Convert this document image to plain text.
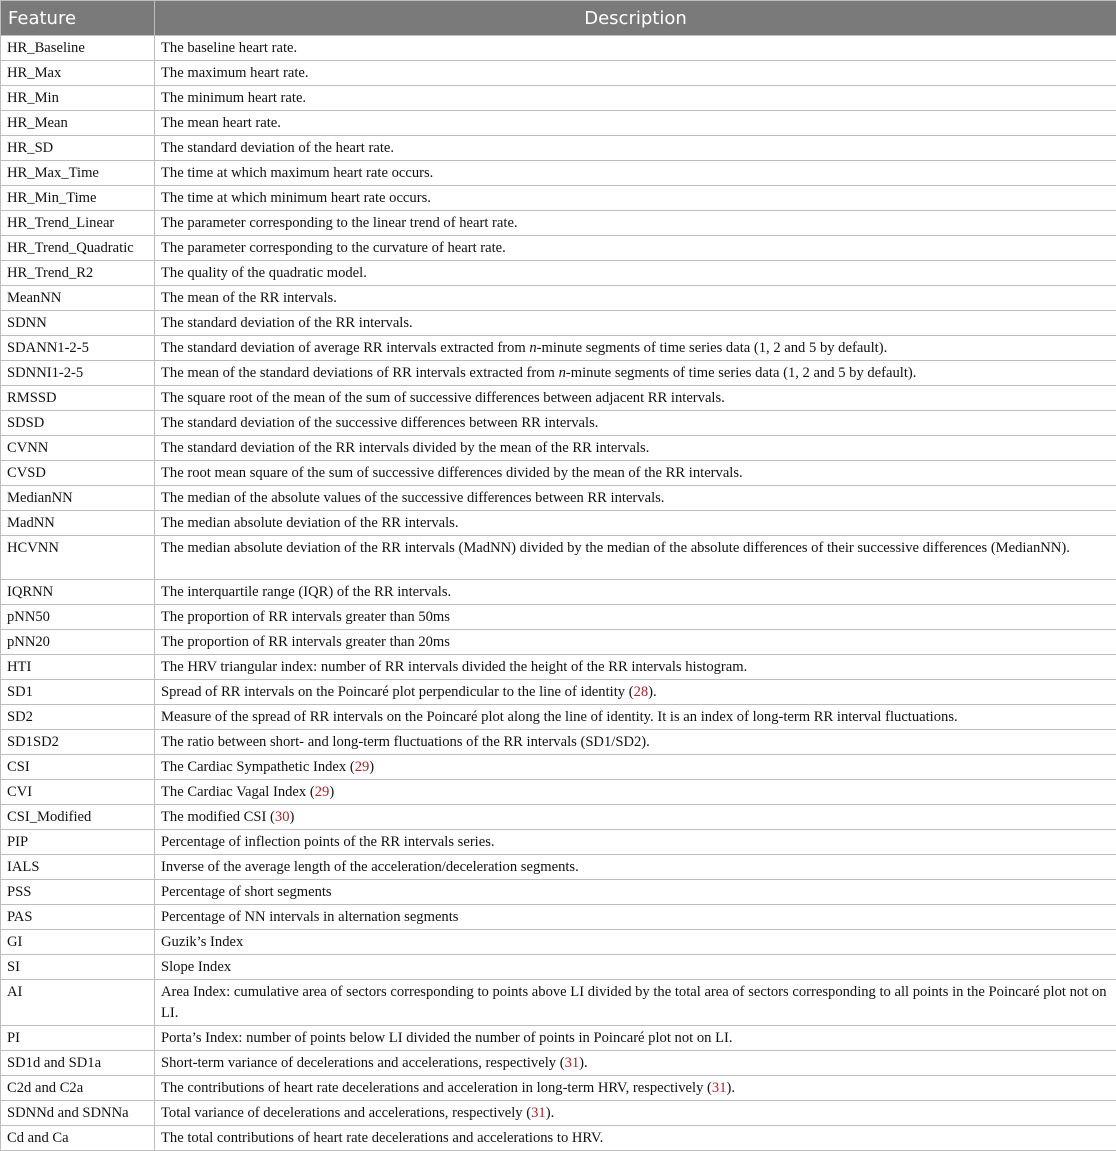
Feature	Description
HR_Baseline	The baseline heart rate.
HR_Max	The maximum heart rate.
HR_Min	The minimum heart rate.
HR_Mean	The mean heart rate.
HR_SD	The standard deviation of the heart rate.
HR_Max_Time	The time at which maximum heart rate occurs.
HR_Min_Time	The time at which minimum heart rate occurs.
HR_Trend_Linear	The parameter corresponding to the linear trend of heart rate.
HR_Trend_Quadratic	The parameter corresponding to the curvature of heart rate.
HR_Trend_R2	The quality of the quadratic model.
MeanNN	The mean of the RR intervals.
SDNN	The standard deviation of the RR intervals.
SDANN1-2-5	The standard deviation of average RR intervals extracted from n-minute segments of time series data (1, 2 and 5 by default).
SDNNI1-2-5	The mean of the standard deviations of RR intervals extracted from n-minute segments of time series data (1, 2 and 5 by default).
RMSSD	The square root of the mean of the sum of successive differences between adjacent RR intervals.
SDSD	The standard deviation of the successive differences between RR intervals.
CVNN	The standard deviation of the RR intervals divided by the mean of the RR intervals.
CVSD	The root mean square of the sum of successive differences divided by the mean of the RR intervals.
MedianNN	The median of the absolute values of the successive differences between RR intervals.
MadNN	The median absolute deviation of the RR intervals.
HCVNN	The median absolute deviation of the RR intervals (MadNN) divided by the median of the absolute differences of their successive differences (MedianNN).
IQRNN	The interquartile range (IQR) of the RR intervals.
pNN50	The proportion of RR intervals greater than 50ms
pNN20	The proportion of RR intervals greater than 20ms
HTI	The HRV triangular index: number of RR intervals divided the height of the RR intervals histogram.
SD1	Spread of RR intervals on the Poincaré plot perpendicular to the line of identity (28).
SD2	Measure of the spread of RR intervals on the Poincaré plot along the line of identity. It is an index of long-term RR interval fluctuations.
SD1SD2	The ratio between short- and long-term fluctuations of the RR intervals (SD1/SD2).
CSI	The Cardiac Sympathetic Index (29)
CVI	The Cardiac Vagal Index (29)
CSI_Modified	The modified CSI (30)
PIP	Percentage of inflection points of the RR intervals series.
IALS	Inverse of the average length of the acceleration/deceleration segments.
PSS	Percentage of short segments
PAS	Percentage of NN intervals in alternation segments
GI	Guzik’s Index
SI	Slope Index
AI	Area Index: cumulative area of sectors corresponding to points above LI divided by the total area of sectors corresponding to all points in the Poincaré plot not on LI.
PI	Porta’s Index: number of points below LI divided the number of points in Poincaré plot not on LI.
SD1d and SD1a	Short-term variance of decelerations and accelerations, respectively (31).
C2d and C2a	The contributions of heart rate decelerations and acceleration in long-term HRV, respectively (31).
SDNNd and SDNNa	Total variance of decelerations and accelerations, respectively (31).
Cd and Ca	The total contributions of heart rate decelerations and accelerations to HRV.
